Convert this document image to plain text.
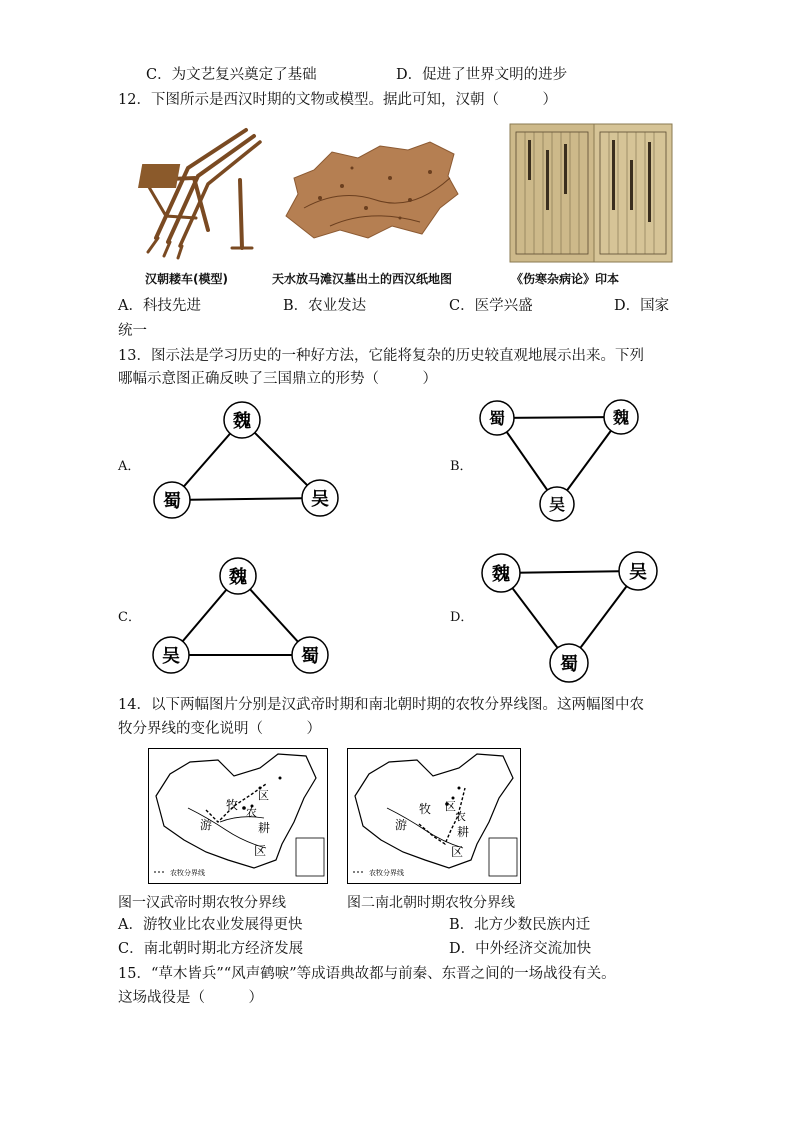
C．为文艺复兴奠定了基础	D．促进了世界文明的进步
12．下图所示是西汉时期的文物或模型。据此可知，汉朝（　　　）
汉朝耧车(模型)	天水放马滩汉墓出土的西汉纸地图	《伤寒杂病论》印本
A．科技先进	B．农业发达	C．医学兴盛	D．国家
统一
13．图示法是学习历史的一种好方法，它能将复杂的历史较直观地展示出来。下列
哪幅示意图正确反映了三国鼎立的形势（　　　）
A．
魏
蜀	吴
B．
蜀	魏
吴
C．
魏
吴	蜀
D．
魏	吴
蜀
14．以下两幅图片分别是汉武帝时期和南北朝时期的农牧分界线图。这两幅图中农
牧分界线的变化说明（　　　）
游
牧
区
农
耕
区
农牧分界线
游
牧 区
农
耕
区
农牧分界线
图一汉武帝时期农牧分界线	图二南北朝时期农牧分界线
A．游牧业比农业发展得更快	B．北方少数民族内迁
C．南北朝时期北方经济发展	D．中外经济交流加快
15．“草木皆兵”“风声鹤唳”等成语典故都与前秦、东晋之间的一场战役有关。
这场战役是（　　　）
